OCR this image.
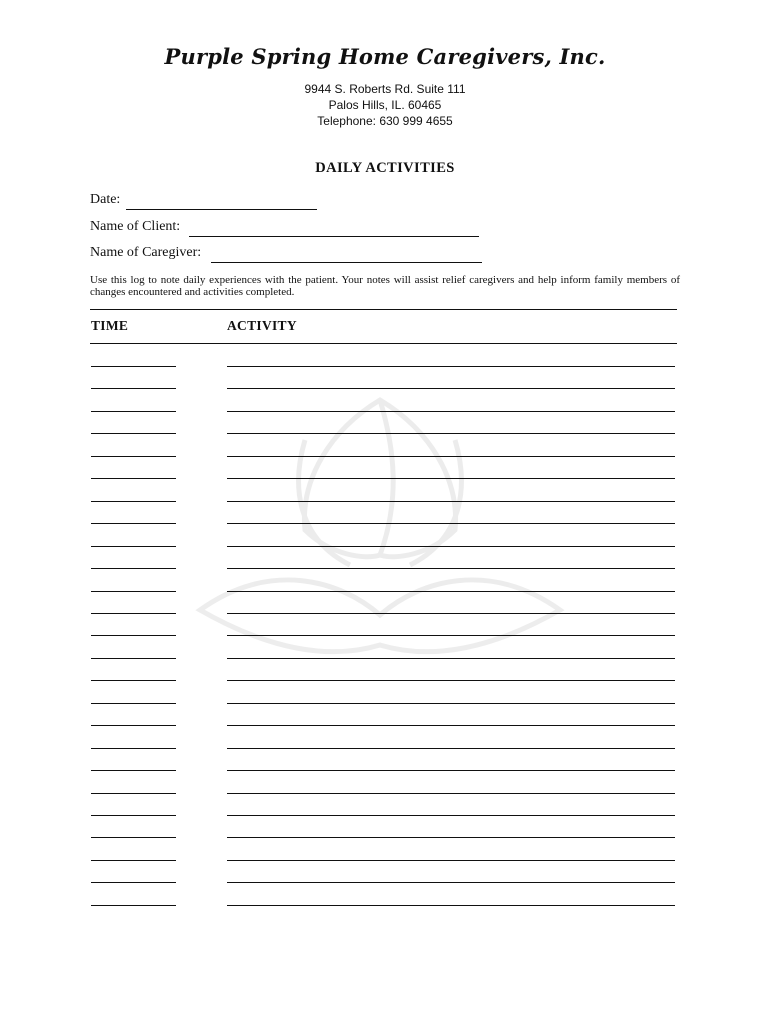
Purple Spring Home Caregivers, Inc.
9944 S. Roberts Rd. Suite 111
Palos Hills, IL. 60465
Telephone: 630 999 4655
DAILY ACTIVITIES
Date:
Name of Client:
Name of Caregiver:
Use this log to note daily experiences with the patient. Your notes will assist relief caregivers and help inform family members of changes encountered and activities completed.
TIME	ACTIVITY
